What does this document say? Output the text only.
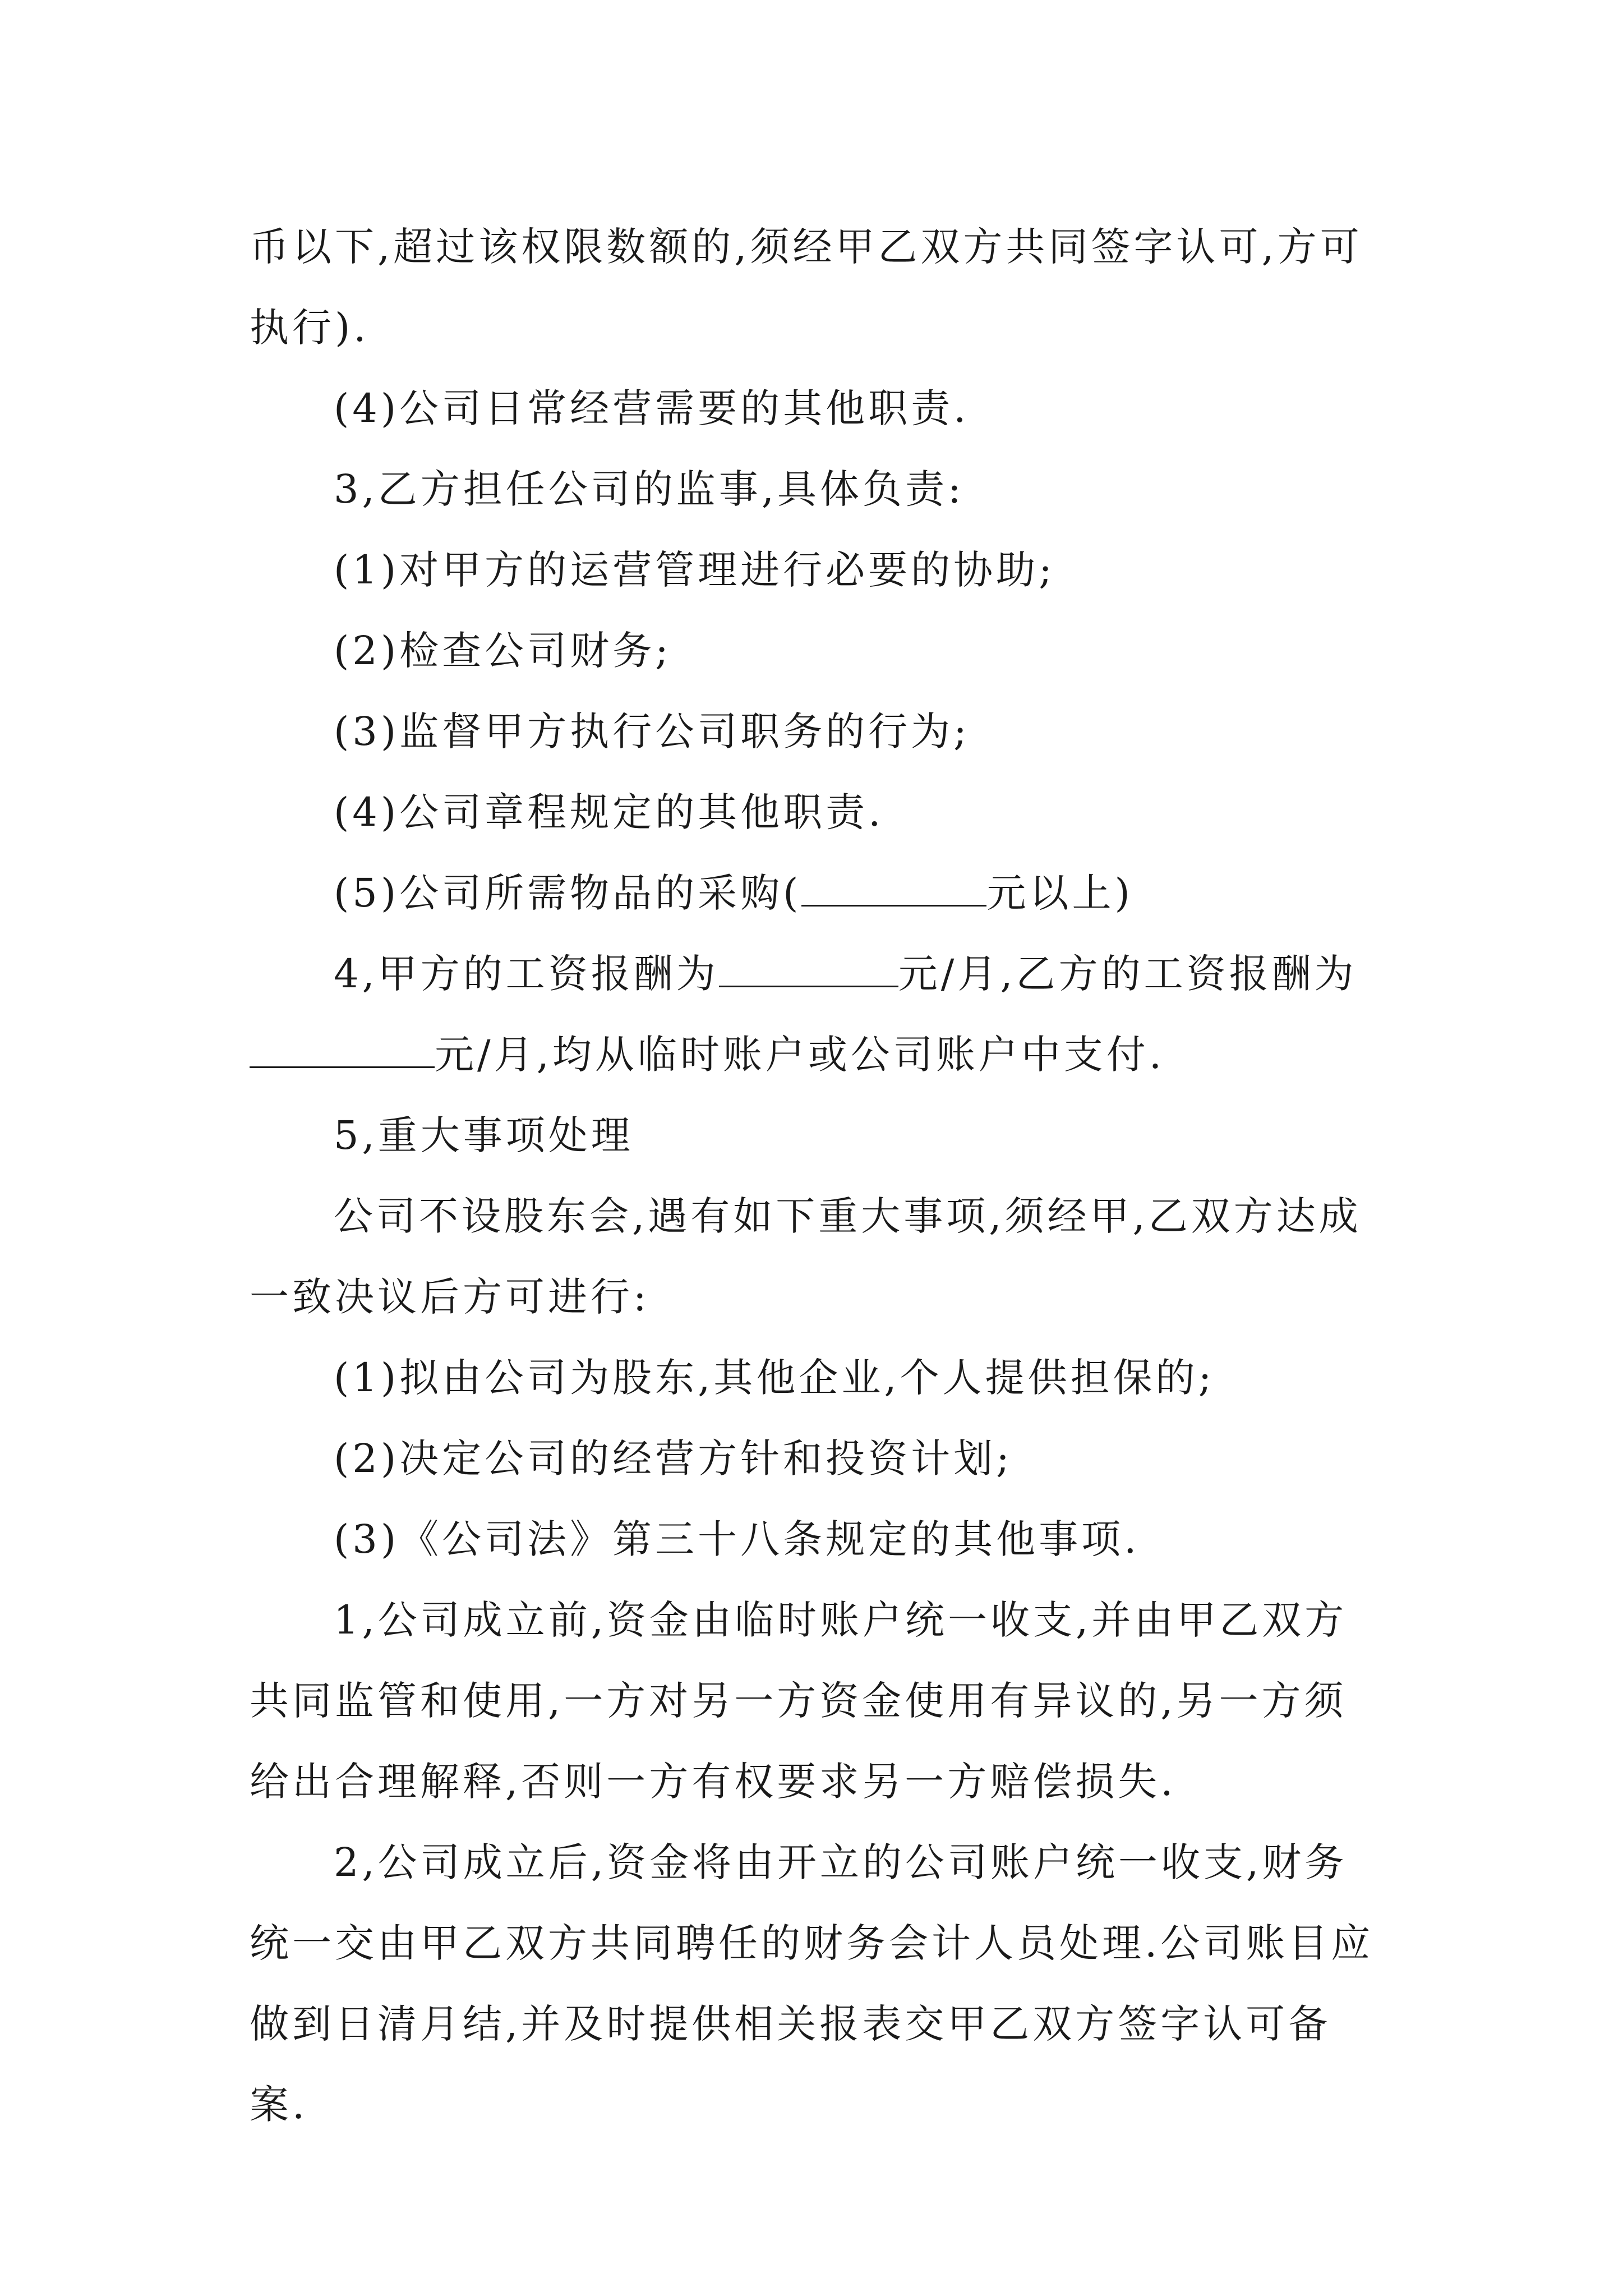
币以下,超过该权限数额的,须经甲乙双方共同签字认可,方可执行).

(4)公司日常经营需要的其他职责.

3,乙方担任公司的监事,具体负责:

(1)对甲方的运营管理进行必要的协助;

(2)检查公司财务;

(3)监督甲方执行公司职务的行为;

(4)公司章程规定的其他职责.

(5)公司所需物品的采购(	元以上)

4,甲方的工资报酬为	元/月,乙方的工资报酬为元/月,均从临时账户或公司账户中支付.

5,重大事项处理

公司不设股东会,遇有如下重大事项,须经甲,乙双方达成一致决议后方可进行:

(1)拟由公司为股东,其他企业,个人提供担保的;

(2)决定公司的经营方针和投资计划;

(3)《公司法》第三十八条规定的其他事项.

1,公司成立前,资金由临时账户统一收支,并由甲乙双方共同监管和使用,一方对另一方资金使用有异议的,另一方须给出合理解释,否则一方有权要求另一方赔偿损失.

2,公司成立后,资金将由开立的公司账户统一收支,财务统一交由甲乙双方共同聘任的财务会计人员处理.公司账目应做到日清月结,并及时提供相关报表交甲乙双方签字认可备案.
